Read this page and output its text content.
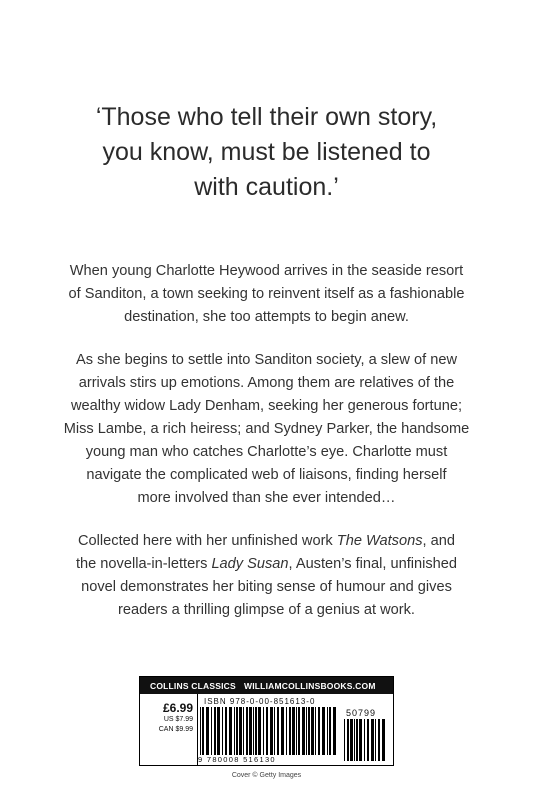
‘Those who tell their own story,
you know, must be listened to
with caution.’
When young Charlotte Heywood arrives in the seaside resort
of Sanditon, a town seeking to reinvent itself as a fashionable
destination, she too attempts to begin anew.
As she begins to settle into Sanditon society, a slew of new
arrivals stirs up emotions. Among them are relatives of the
wealthy widow Lady Denham, seeking her generous fortune;
Miss Lambe, a rich heiress; and Sydney Parker, the handsome
young man who catches Charlotte’s eye. Charlotte must
navigate the complicated web of liaisons, finding herself
more involved than she ever intended…
Collected here with her unfinished work The Watsons, and
the novella-in-letters Lady Susan, Austen’s final, unfinished
novel demonstrates her biting sense of humour and gives
readers a thrilling glimpse of a genius at work.
COLLINS CLASSICS WILLIAMCOLLINSBOOKS.COM
£6.99
US $7.99
CAN $9.99
ISBN 978-0-00-851613-0
50799
9 780008 516130
Cover © Getty Images
